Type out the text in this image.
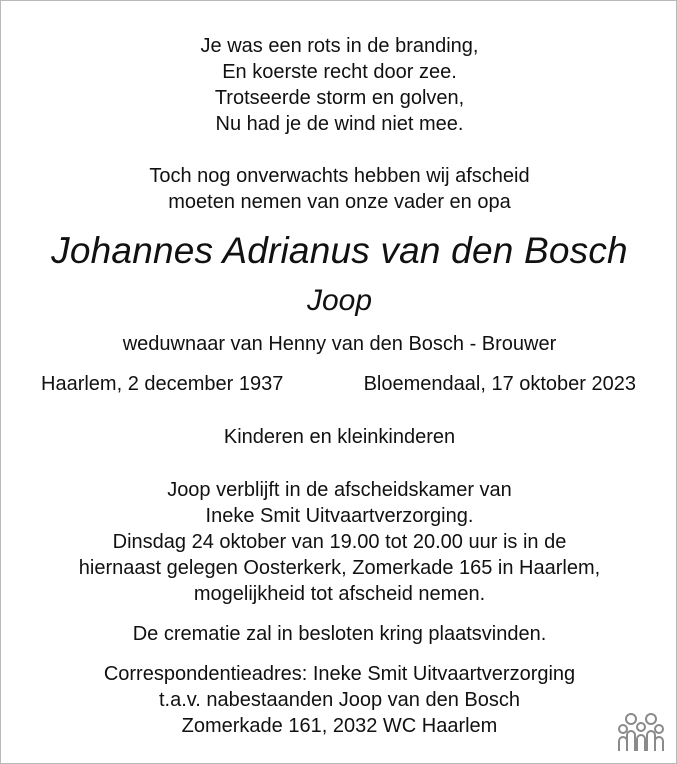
Je was een rots in de branding,
En koerste recht door zee.
Trotseerde storm en golven,
Nu had je de wind niet mee.
Toch nog onverwachts hebben wij afscheid
moeten nemen van onze vader en opa
Johannes Adrianus van den Bosch
Joop
weduwnaar van Henny van den Bosch - Brouwer
Haarlem, 2 december 1937	Bloemendaal, 17 oktober 2023
Kinderen en kleinkinderen
Joop verblijft in de afscheidskamer van
Ineke Smit Uitvaartverzorging.
Dinsdag 24 oktober van 19.00 tot 20.00 uur is in de
hiernaast gelegen Oosterkerk, Zomerkade 165 in Haarlem,
mogelijkheid tot afscheid nemen.
De crematie zal in besloten kring plaatsvinden.
Correspondentieadres: Ineke Smit Uitvaartverzorging
t.a.v. nabestaanden Joop van den Bosch
Zomerkade 161, 2032 WC Haarlem
